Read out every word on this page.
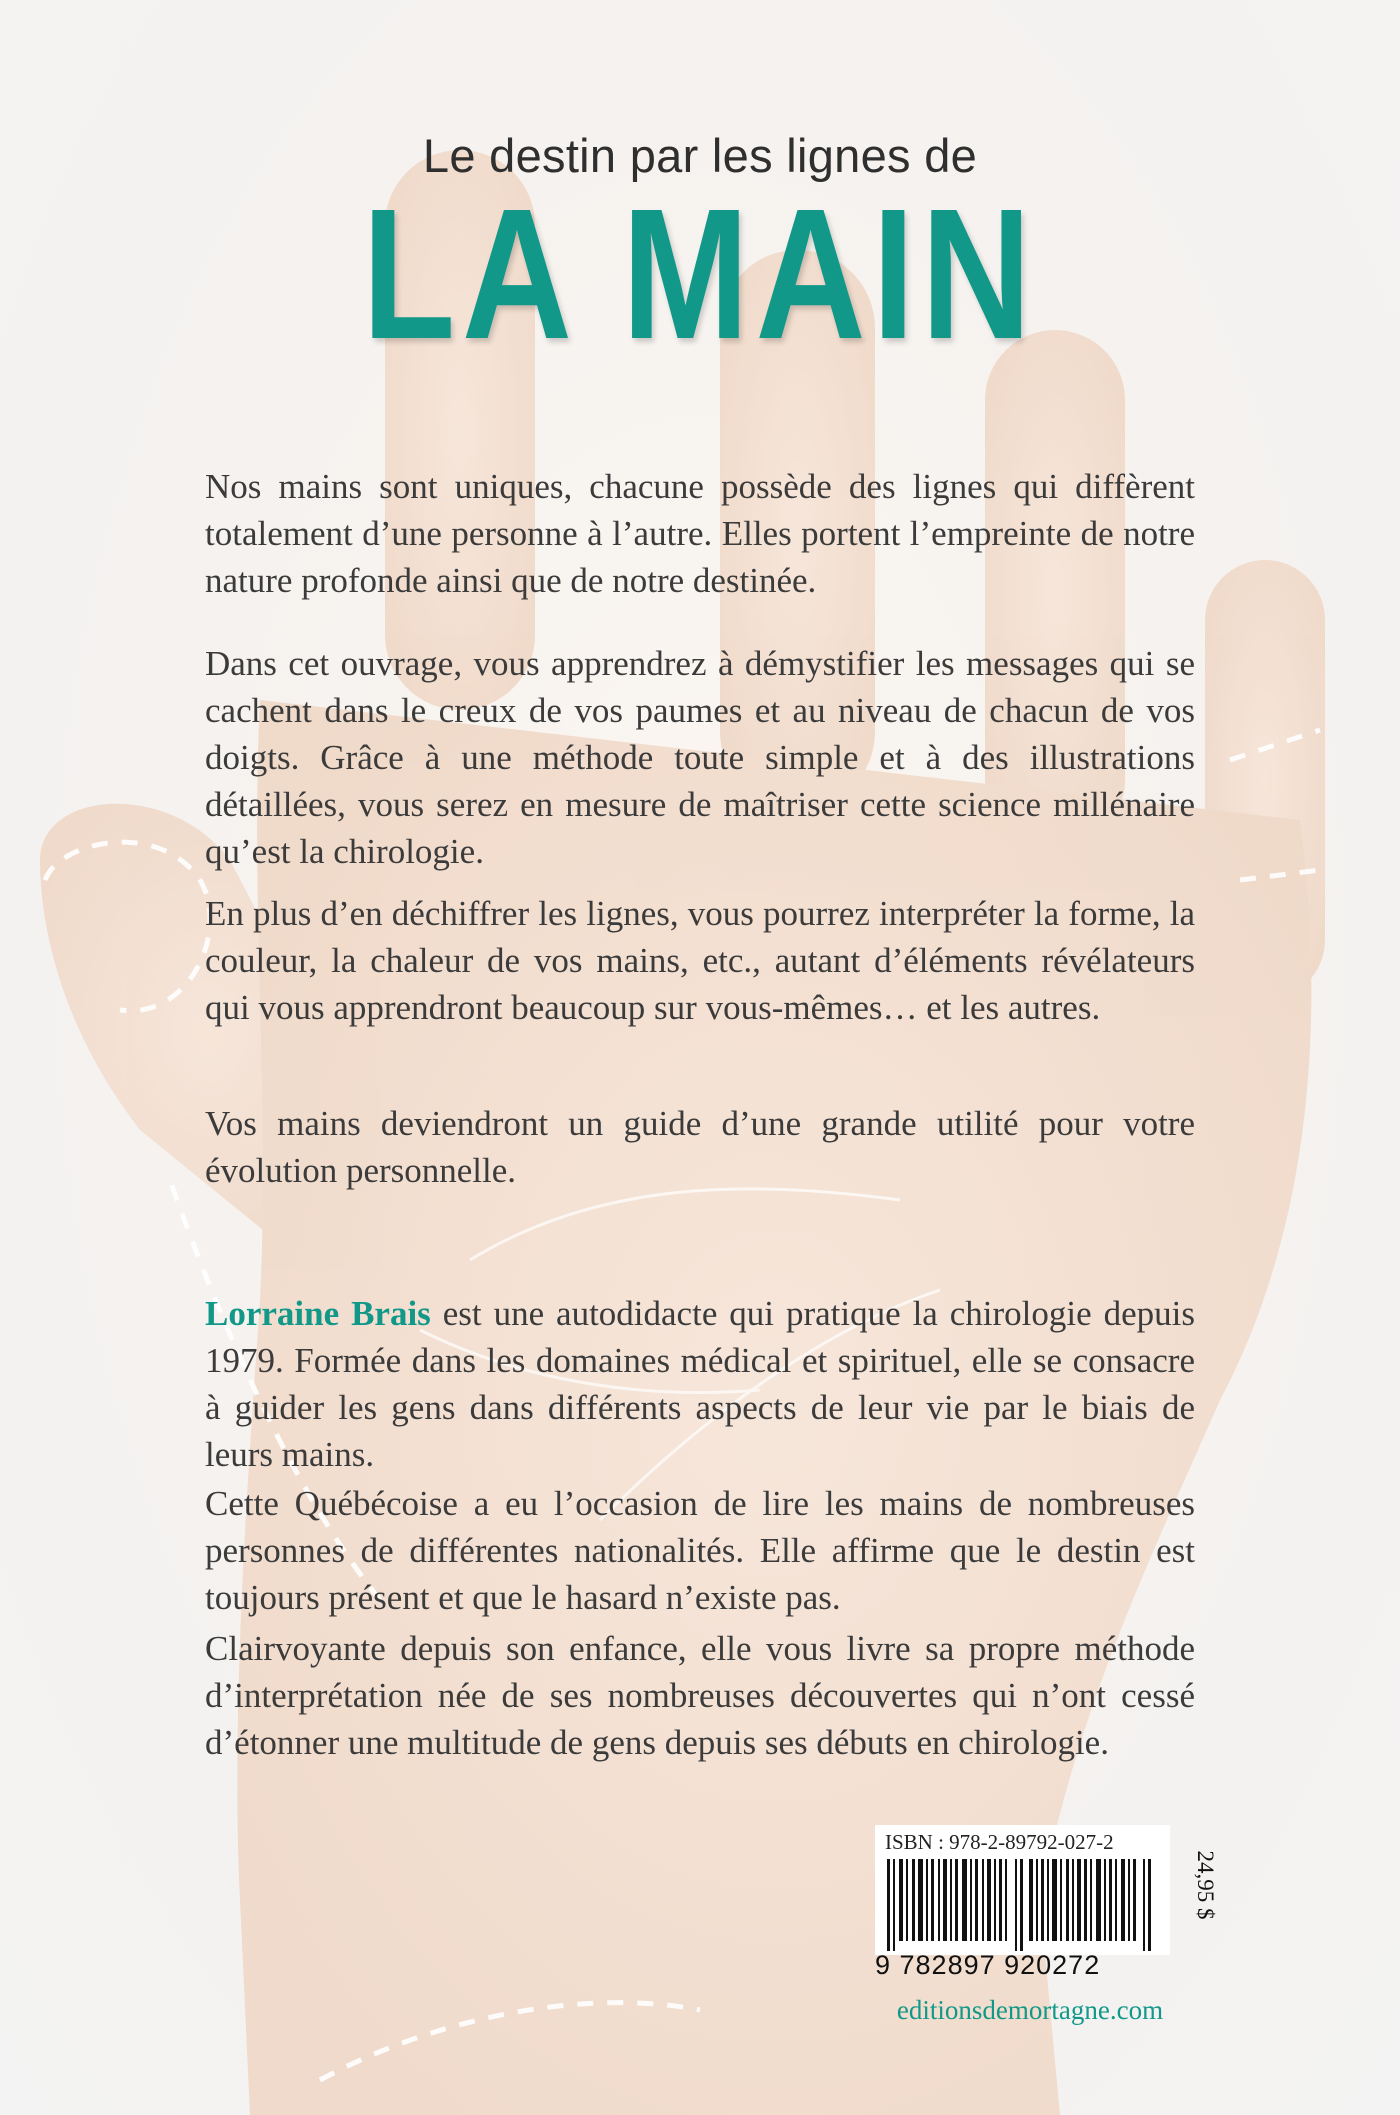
Le destin par les lignes de
LA MAIN

Nos mains sont uniques, chacune possède des lignes qui diffèrent totalement d’une personne à l’autre. Elles portent l’empreinte de notre nature profonde ainsi que de notre destinée.

Dans cet ouvrage, vous apprendrez à démystifier les messages qui se cachent dans le creux de vos paumes et au niveau de chacun de vos doigts. Grâce à une méthode toute simple et à des illustrations détaillées, vous serez en mesure de maîtriser cette science millénaire qu’est la chirologie.

En plus d’en déchiffrer les lignes, vous pourrez interpréter la forme, la couleur, la chaleur de vos mains, etc., autant d’éléments révélateurs qui vous apprendront beaucoup sur vous-mêmes… et les autres.

Vos mains deviendront un guide d’une grande utilité pour votre évolution personnelle.

Lorraine Brais est une autodidacte qui pratique la chirologie depuis 1979. Formée dans les domaines médical et spirituel, elle se consacre à guider les gens dans différents aspects de leur vie par le biais de leurs mains.

Cette Québécoise a eu l’occasion de lire les mains de nombreuses personnes de différentes nationalités. Elle affirme que le destin est toujours présent et que le hasard n’existe pas.

Clairvoyante depuis son enfance, elle vous livre sa propre méthode d’interprétation née de ses nombreuses découvertes qui n’ont cessé d’étonner une multitude de gens depuis ses débuts en chirologie.

ISBN : 978-2-89792-027-2
9 782897 920272
24,95 $
editionsdemortagne.com
